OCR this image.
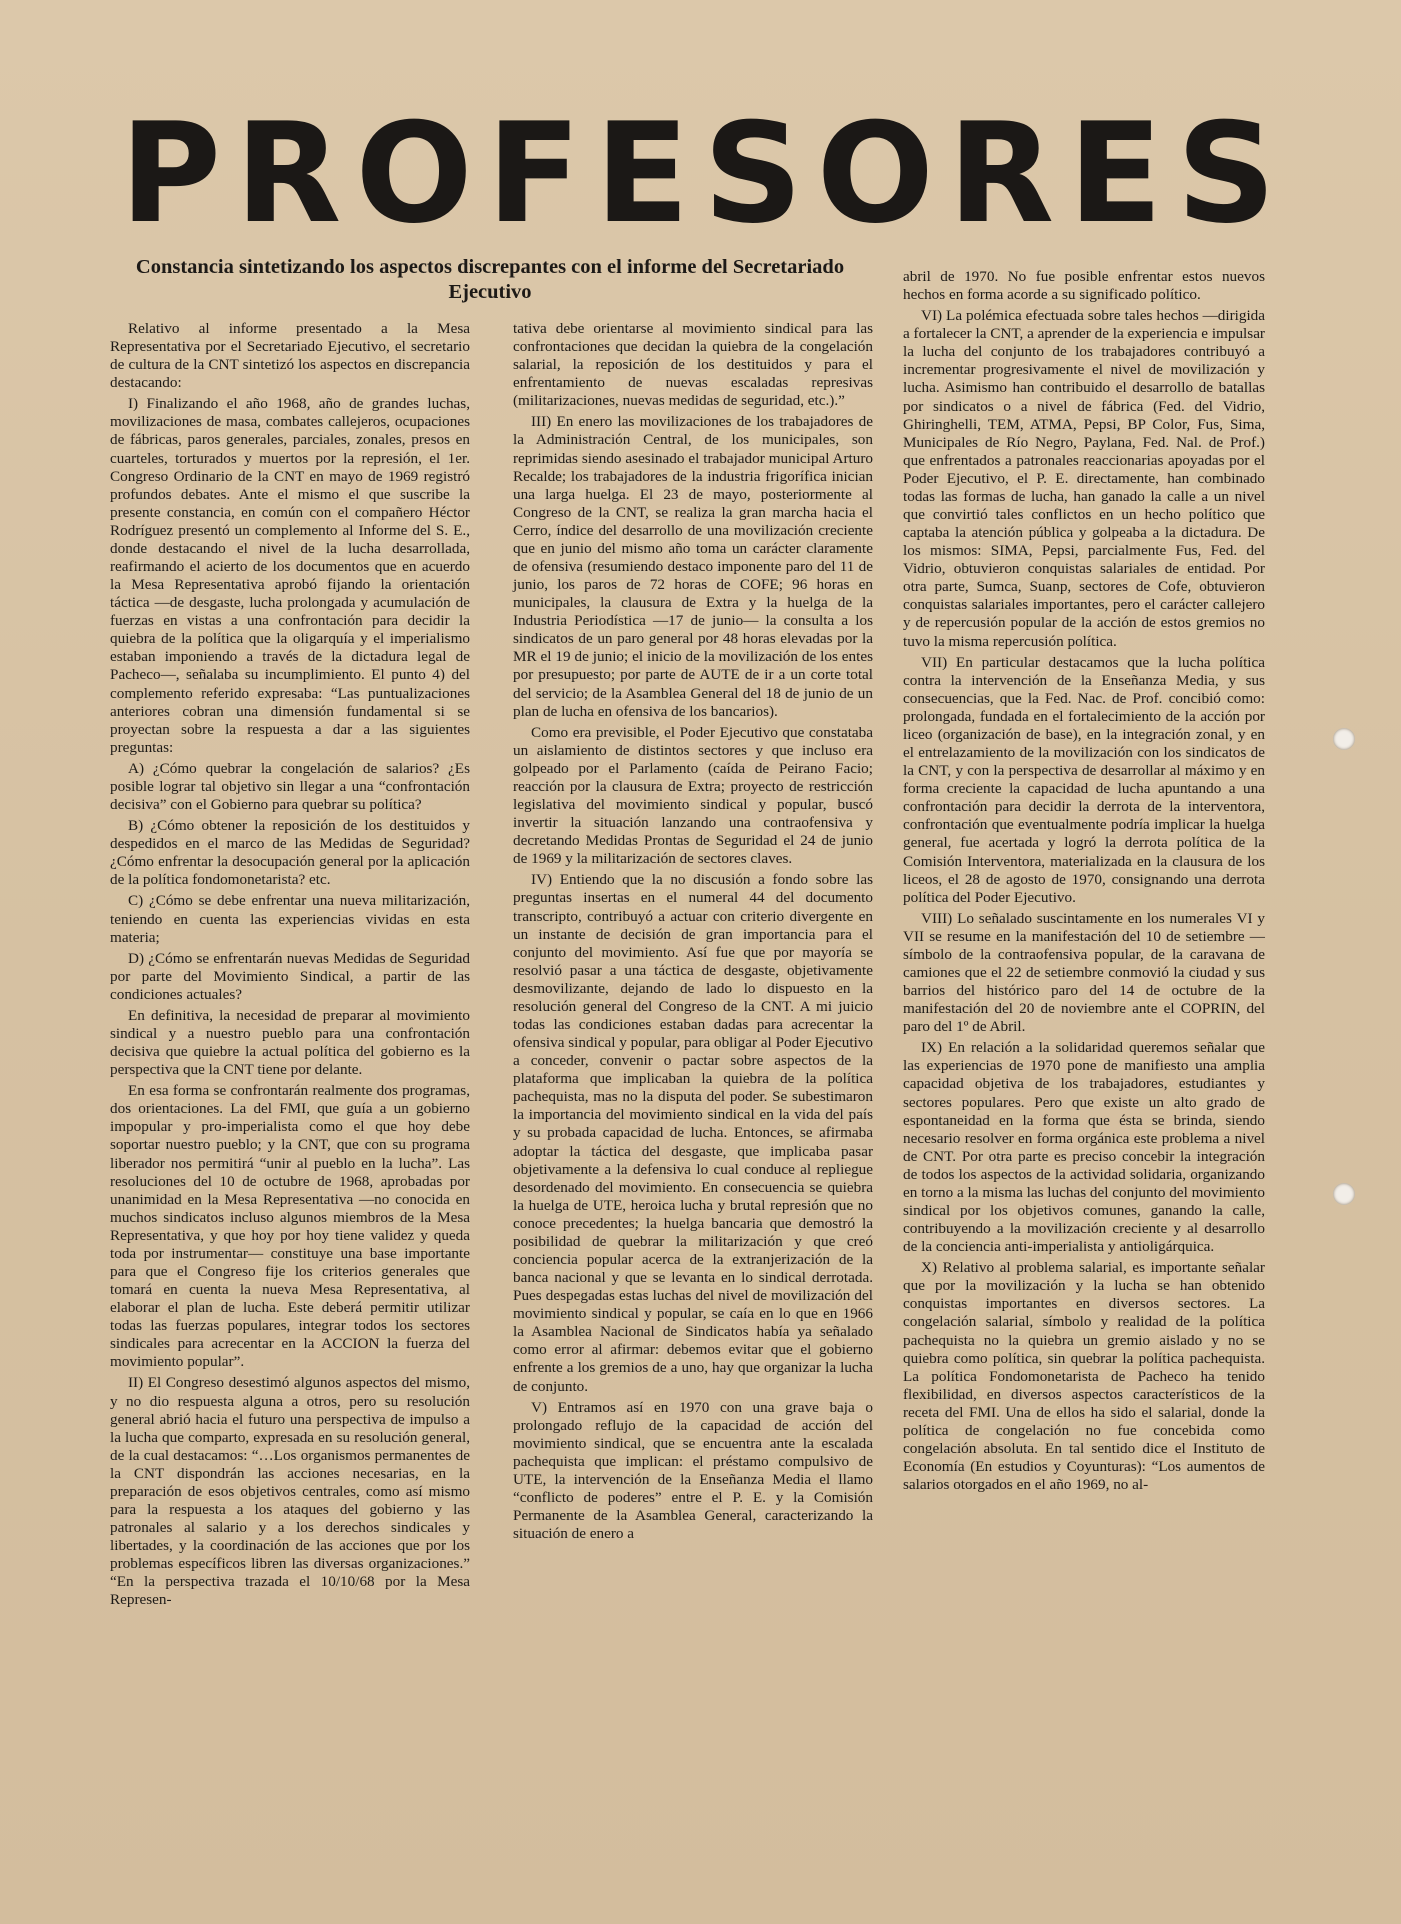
PROFESORES
Constancia sintetizando los aspectos discrepantes con el informe del Secretariado Ejecutivo

Relativo al informe presentado a la Mesa Representativa por el Secretariado Ejecutivo, el secretario de cultura de la CNT sintetizó los aspectos en discrepancia destacando:

I) Finalizando el año 1968, año de grandes luchas, movilizaciones de masa, combates callejeros, ocupaciones de fábricas, paros generales, parciales, zonales, presos en cuarteles, torturados y muertos por la represión, el 1er. Congreso Ordinario de la CNT en mayo de 1969 registró profundos debates. Ante el mismo el que suscribe la presente constancia, en común con el compañero Héctor Rodríguez presentó un complemento al Informe del S. E., donde destacando el nivel de la lucha desarrollada, reafirmando el acierto de los documentos que en acuerdo la Mesa Representativa aprobó fijando la orientación táctica —de desgaste, lucha prolongada y acumulación de fuerzas en vistas a una confrontación para decidir la quiebra de la política que la oligarquía y el imperialismo estaban imponiendo a través de la dictadura legal de Pacheco—, señalaba su incumplimiento. El punto 4) del complemento referido expresaba: “Las puntualizaciones anteriores cobran una dimensión fundamental si se proyectan sobre la respuesta a dar a las siguientes preguntas:

A) ¿Cómo quebrar la congelación de salarios? ¿Es posible lograr tal objetivo sin llegar a una “confrontación decisiva” con el Gobierno para quebrar su política?

B) ¿Cómo obtener la reposición de los destituidos y despedidos en el marco de las Medidas de Seguridad? ¿Cómo enfrentar la desocupación general por la aplicación de la política fondomonetarista? etc.

C) ¿Cómo se debe enfrentar una nueva militarización, teniendo en cuenta las experiencias vividas en esta materia;

D) ¿Cómo se enfrentarán nuevas Medidas de Seguridad por parte del Movimiento Sindical, a partir de las condiciones actuales?

En definitiva, la necesidad de preparar al movimiento sindical y a nuestro pueblo para una confrontación decisiva que quiebre la actual política del gobierno es la perspectiva que la CNT tiene por delante.

En esa forma se confrontarán realmente dos programas, dos orientaciones. La del FMI, que guía a un gobierno impopular y pro-imperialista como el que hoy debe soportar nuestro pueblo; y la CNT, que con su programa liberador nos permitirá “unir al pueblo en la lucha”. Las resoluciones del 10 de octubre de 1968, aprobadas por unanimidad en la Mesa Representativa —no conocida en muchos sindicatos incluso algunos miembros de la Mesa Representativa, y que hoy por hoy tiene validez y queda toda por instrumentar— constituye una base importante para que el Congreso fije los criterios generales que tomará en cuenta la nueva Mesa Representativa, al elaborar el plan de lucha. Este deberá permitir utilizar todas las fuerzas populares, integrar todos los sectores sindicales para acrecentar en la ACCION la fuerza del movimiento popular”.

II) El Congreso desestimó algunos aspectos del mismo, y no dio respuesta alguna a otros, pero su resolución general abrió hacia el futuro una perspectiva de impulso a la lucha que comparto, expresada en su resolución general, de la cual destacamos: “…Los organismos permanentes de la CNT dispondrán las acciones necesarias, en la preparación de esos objetivos centrales, como así mismo para la respuesta a los ataques del gobierno y las patronales al salario y a los derechos sindicales y libertades, y la coordinación de las acciones que por los problemas específicos libren las diversas organizaciones.” “En la perspectiva trazada el 10/10/68 por la Mesa Represen-

tativa debe orientarse al movimiento sindical para las confrontaciones que decidan la quiebra de la congelación salarial, la reposición de los destituidos y para el enfrentamiento de nuevas escaladas represivas (militarizaciones, nuevas medidas de seguridad, etc.).”

III) En enero las movilizaciones de los trabajadores de la Administración Central, de los municipales, son reprimidas siendo asesinado el trabajador municipal Arturo Recalde; los trabajadores de la industria frigorífica inician una larga huelga. El 23 de mayo, posteriormente al Congreso de la CNT, se realiza la gran marcha hacia el Cerro, índice del desarrollo de una movilización creciente que en junio del mismo año toma un carácter claramente de ofensiva (resumiendo destaco imponente paro del 11 de junio, los paros de 72 horas de COFE; 96 horas en municipales, la clausura de Extra y la huelga de la Industria Periodística —17 de junio— la consulta a los sindicatos de un paro general por 48 horas elevadas por la MR el 19 de junio; el inicio de la movilización de los entes por presupuesto; por parte de AUTE de ir a un corte total del servicio; de la Asamblea General del 18 de junio de un plan de lucha en ofensiva de los bancarios).

Como era previsible, el Poder Ejecutivo que constataba un aislamiento de distintos sectores y que incluso era golpeado por el Parlamento (caída de Peirano Facio; reacción por la clausura de Extra; proyecto de restricción legislativa del movimiento sindical y popular, buscó invertir la situación lanzando una contraofensiva y decretando Medidas Prontas de Seguridad el 24 de junio de 1969 y la militarización de sectores claves.

IV) Entiendo que la no discusión a fondo sobre las preguntas insertas en el numeral 44 del documento transcripto, contribuyó a actuar con criterio divergente en un instante de decisión de gran importancia para el conjunto del movimiento. Así fue que por mayoría se resolvió pasar a una táctica de desgaste, objetivamente desmovilizante, dejando de lado lo dispuesto en la resolución general del Congreso de la CNT. A mi juicio todas las condiciones estaban dadas para acrecentar la ofensiva sindical y popular, para obligar al Poder Ejecutivo a conceder, convenir o pactar sobre aspectos de la plataforma que implicaban la quiebra de la política pachequista, mas no la disputa del poder. Se subestimaron la importancia del movimiento sindical en la vida del país y su probada capacidad de lucha. Entonces, se afirmaba adoptar la táctica del desgaste, que implicaba pasar objetivamente a la defensiva lo cual conduce al repliegue desordenado del movimiento. En consecuencia se quiebra la huelga de UTE, heroica lucha y brutal represión que no conoce precedentes; la huelga bancaria que demostró la posibilidad de quebrar la militarización y que creó conciencia popular acerca de la extranjerización de la banca nacional y que se levanta en lo sindical derrotada. Pues despegadas estas luchas del nivel de movilización del movimiento sindical y popular, se caía en lo que en 1966 la Asamblea Nacional de Sindicatos había ya señalado como error al afirmar: debemos evitar que el gobierno enfrente a los gremios de a uno, hay que organizar la lucha de conjunto.

V) Entramos así en 1970 con una grave baja o prolongado reflujo de la capacidad de acción del movimiento sindical, que se encuentra ante la escalada pachequista que implican: el préstamo compulsivo de UTE, la intervención de la Enseñanza Media el llamo “conflicto de poderes” entre el P. E. y la Comisión Permanente de la Asamblea General, caracterizando la situación de enero a

abril de 1970. No fue posible enfrentar estos nuevos hechos en forma acorde a su significado político.

VI) La polémica efectuada sobre tales hechos —dirigida a fortalecer la CNT, a aprender de la experiencia e impulsar la lucha del conjunto de los trabajadores contribuyó a incrementar progresivamente el nivel de movilización y lucha. Asimismo han contribuido el desarrollo de batallas por sindicatos o a nivel de fábrica (Fed. del Vidrio, Ghiringhelli, TEM, ATMA, Pepsi, BP Color, Fus, Sima, Municipales de Río Negro, Paylana, Fed. Nal. de Prof.) que enfrentados a patronales reaccionarias apoyadas por el Poder Ejecutivo, el P. E. directamente, han combinado todas las formas de lucha, han ganado la calle a un nivel que convirtió tales conflictos en un hecho político que captaba la atención pública y golpeaba a la dictadura. De los mismos: SIMA, Pepsi, parcialmente Fus, Fed. del Vidrio, obtuvieron conquistas salariales de entidad. Por otra parte, Sumca, Suanp, sectores de Cofe, obtuvieron conquistas salariales importantes, pero el carácter callejero y de repercusión popular de la acción de estos gremios no tuvo la misma repercusión política.

VII) En particular destacamos que la lucha política contra la intervención de la Enseñanza Media, y sus consecuencias, que la Fed. Nac. de Prof. concibió como: prolongada, fundada en el fortalecimiento de la acción por liceo (organización de base), en la integración zonal, y en el entrelazamiento de la movilización con los sindicatos de la CNT, y con la perspectiva de desarrollar al máximo y en forma creciente la capacidad de lucha apuntando a una confrontación para decidir la derrota de la interventora, confrontación que eventualmente podría implicar la huelga general, fue acertada y logró la derrota política de la Comisión Interventora, materializada en la clausura de los liceos, el 28 de agosto de 1970, consignando una derrota política del Poder Ejecutivo.

VIII) Lo señalado suscintamente en los numerales VI y VII se resume en la manifestación del 10 de setiembre —símbolo de la contraofensiva popular, de la caravana de camiones que el 22 de setiembre conmovió la ciudad y sus barrios del histórico paro del 14 de octubre de la manifestación del 20 de noviembre ante el COPRIN, del paro del 1º de Abril.

IX) En relación a la solidaridad queremos señalar que las experiencias de 1970 pone de manifiesto una amplia capacidad objetiva de los trabajadores, estudiantes y sectores populares. Pero que existe un alto grado de espontaneidad en la forma que ésta se brinda, siendo necesario resolver en forma orgánica este problema a nivel de CNT. Por otra parte es preciso concebir la integración de todos los aspectos de la actividad solidaria, organizando en torno a la misma las luchas del conjunto del movimiento sindical por los objetivos comunes, ganando la calle, contribuyendo a la movilización creciente y al desarrollo de la conciencia anti-imperialista y antioligárquica.

X) Relativo al problema salarial, es importante señalar que por la movilización y la lucha se han obtenido conquistas importantes en diversos sectores. La congelación salarial, símbolo y realidad de la política pachequista no la quiebra un gremio aislado y no se quiebra como política, sin quebrar la política pachequista. La política Fondomonetarista de Pacheco ha tenido flexibilidad, en diversos aspectos característicos de la receta del FMI. Una de ellos ha sido el salarial, donde la política de congelación no fue concebida como congelación absoluta. En tal sentido dice el Instituto de Economía (En estudios y Coyunturas): “Los aumentos de salarios otorgados en el año 1969, no al-
